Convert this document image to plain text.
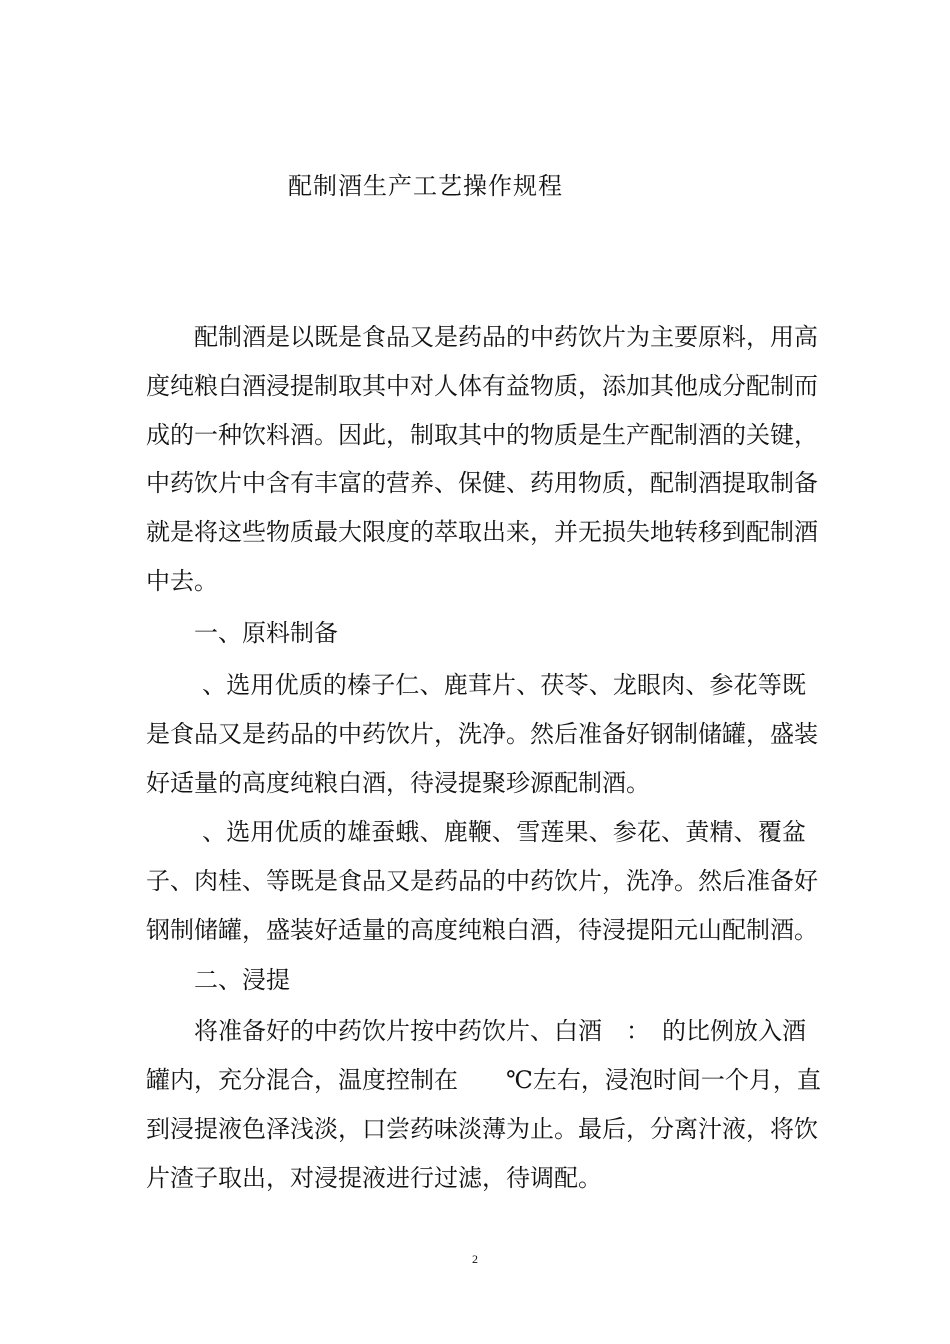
配制酒生产工艺操作规程
　　配制酒是以既是食品又是药品的中药饮片为主要原料，用高
度纯粮白酒浸提制取其中对人体有益物质，添加其他成分配制而
成的一种饮料酒。因此，制取其中的物质是生产配制酒的关键，
中药饮片中含有丰富的营养、保健、药用物质，配制酒提取制备
就是将这些物质最大限度的萃取出来，并无损失地转移到配制酒
中去。
　　一、原料制备
　　 、选用优质的榛子仁、鹿茸片、茯苓、龙眼肉、参花等既
是食品又是药品的中药饮片，洗净。然后准备好钢制储罐，盛装
好适量的高度纯粮白酒，待浸提聚珍源配制酒。
　　 、选用优质的雄蚕蛾、鹿鞭、雪莲果、参花、黄精、覆盆
子、肉桂、等既是食品又是药品的中药饮片，洗净。然后准备好
钢制储罐，盛装好适量的高度纯粮白酒，待浸提阳元山配制酒。
　　二、浸提
　　将准备好的中药饮片按中药饮片、白酒　：　的比例放入酒
罐内，充分混合，温度控制在　　℃左右，浸泡时间一个月，直
到浸提液色泽浅淡，口尝药味淡薄为止。最后，分离汁液，将饮
片渣子取出，对浸提液进行过滤，待调配。
2
